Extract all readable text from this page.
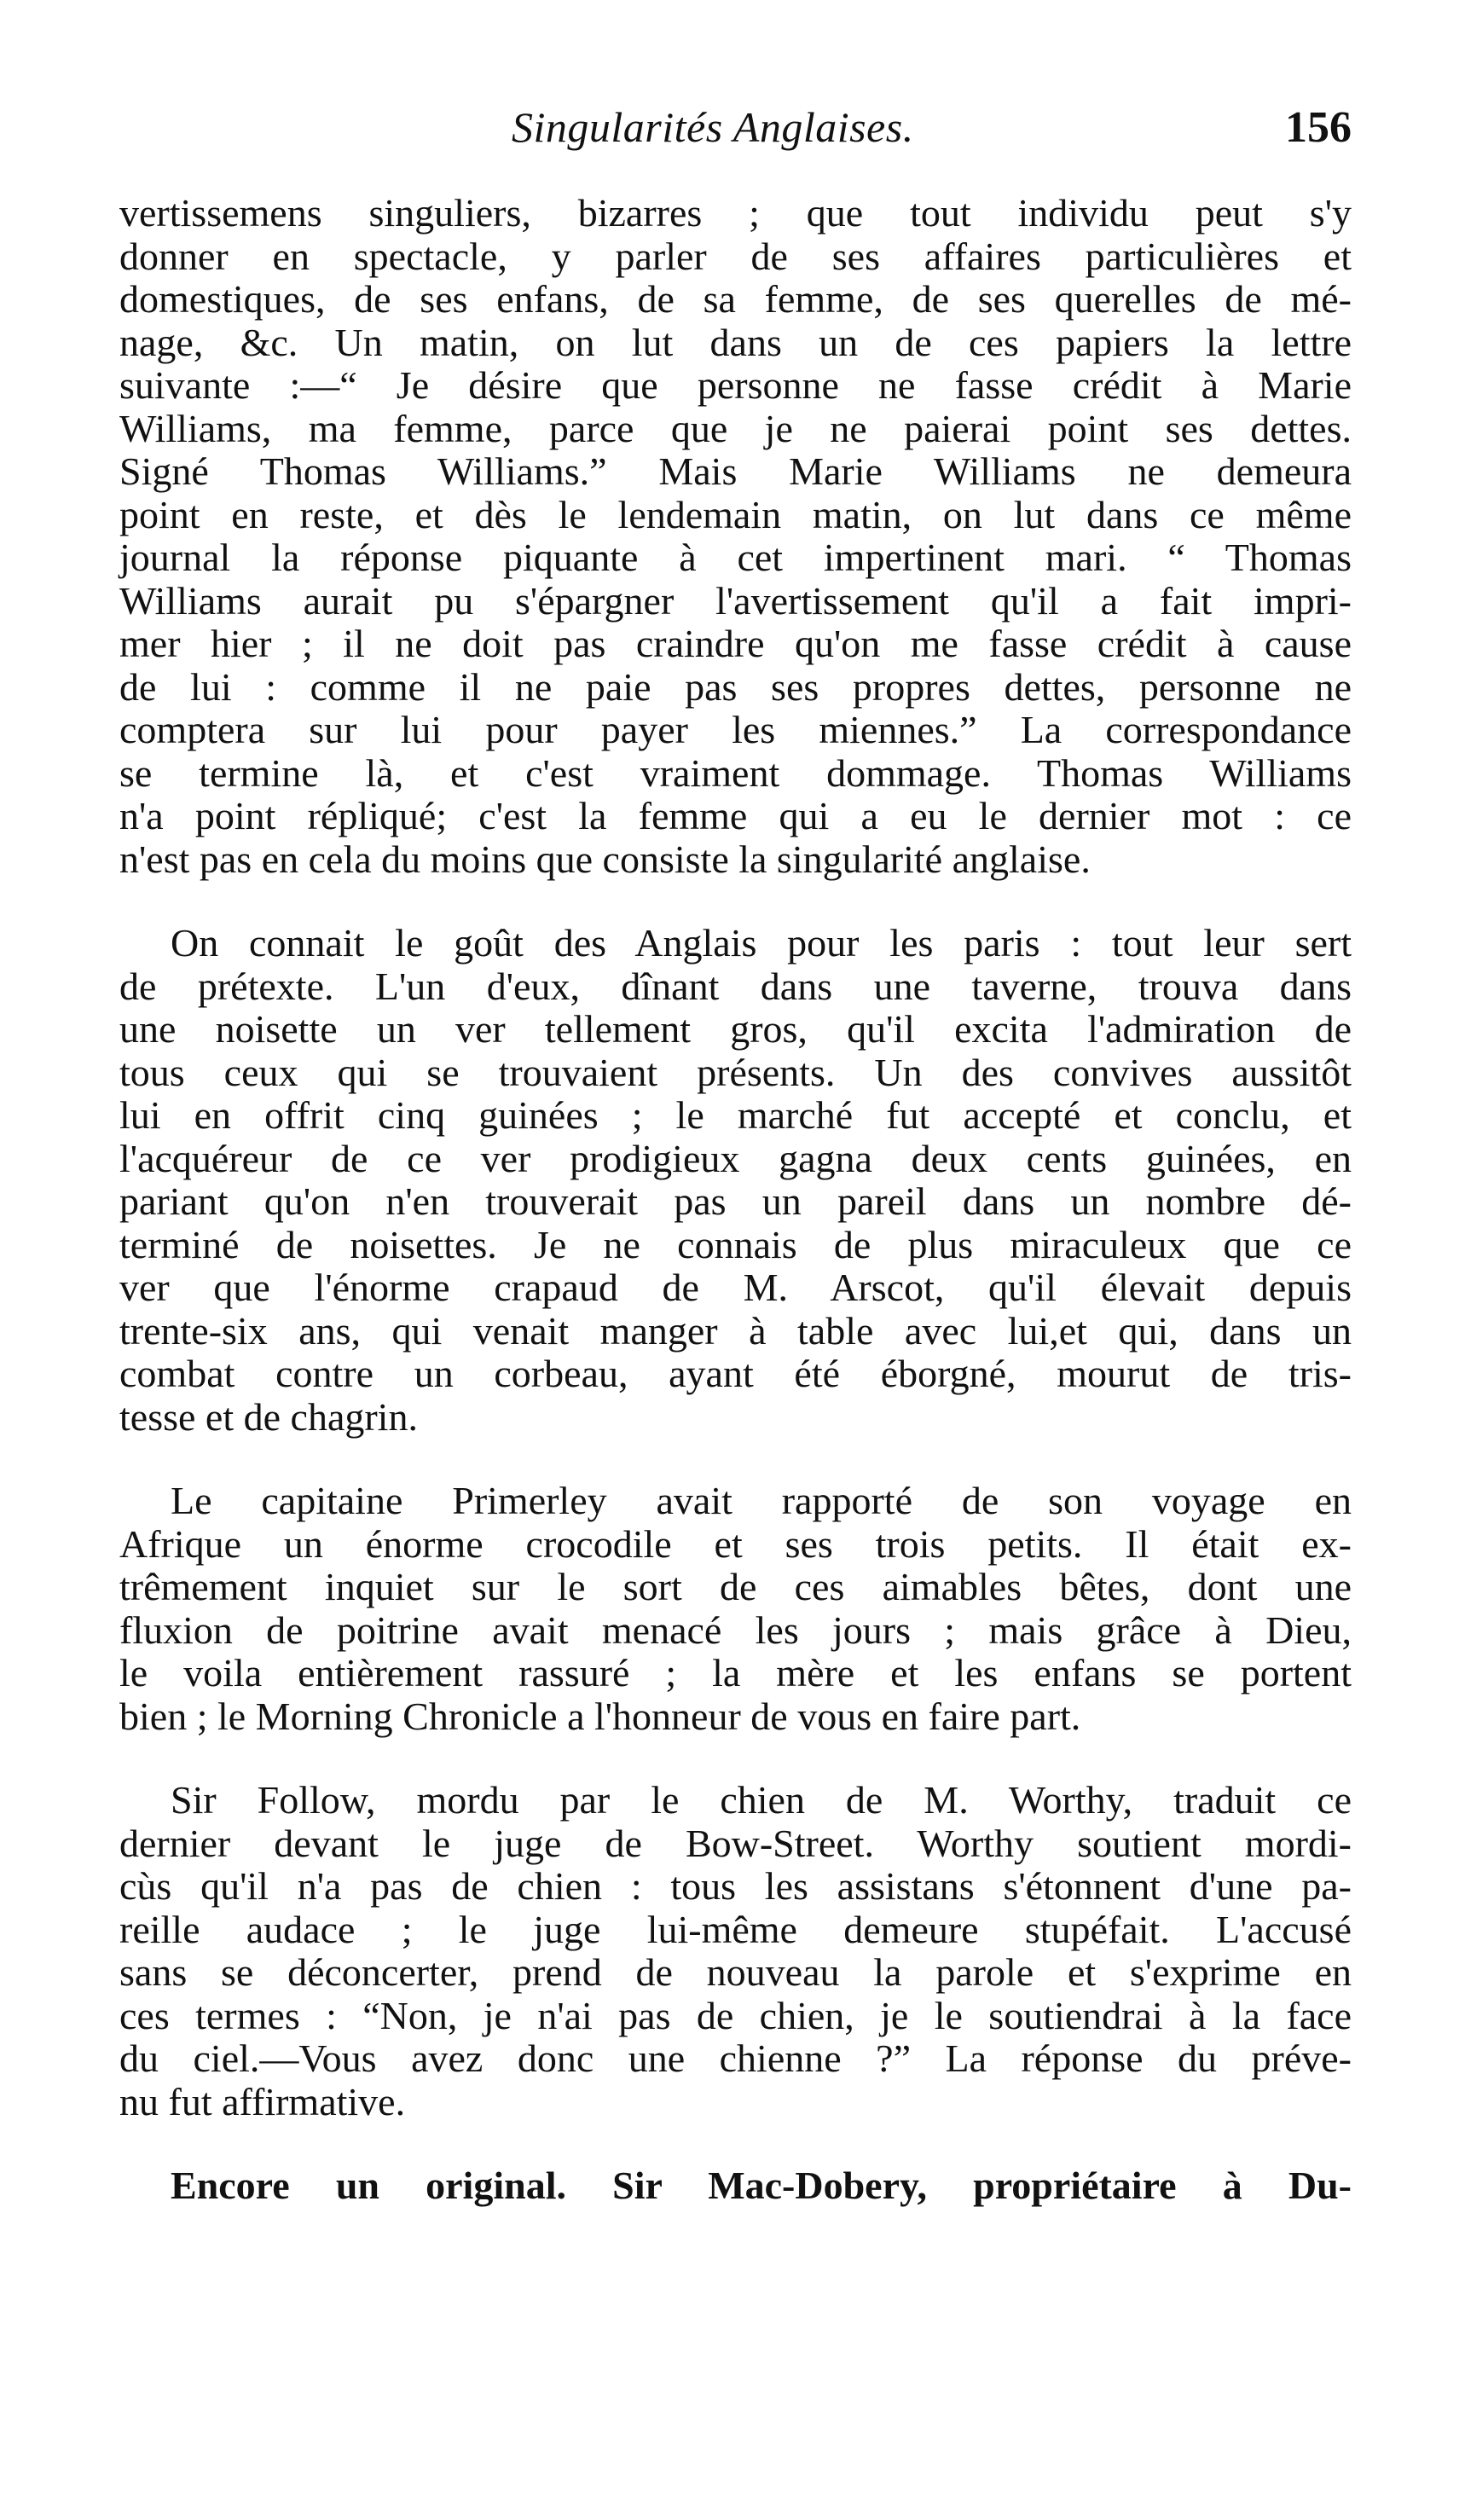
Singularités Anglaises.	156
vertissemens singuliers, bizarres ; que tout individu peut s'y
donner en spectacle, y parler de ses affaires particulières et
domestiques, de ses enfans, de sa femme, de ses querelles de mé-
nage, &c. Un matin, on lut dans un de ces papiers la lettre
suivante :—“ Je désire que personne ne fasse crédit à Marie
Williams, ma femme, parce que je ne paierai point ses dettes.
Signé Thomas Williams.” Mais Marie Williams ne demeura
point en reste, et dès le lendemain matin, on lut dans ce même
journal la réponse piquante à cet impertinent mari. “ Thomas
Williams aurait pu s'épargner l'avertissement qu'il a fait impri-
mer hier ; il ne doit pas craindre qu'on me fasse crédit à cause
de lui : comme il ne paie pas ses propres dettes, personne ne
comptera sur lui pour payer les miennes.” La correspondance
se termine là, et c'est vraiment dommage. Thomas Williams
n'a point répliqué; c'est la femme qui a eu le dernier mot : ce
n'est pas en cela du moins que consiste la singularité anglaise.
On connait le goût des Anglais pour les paris : tout leur sert
de prétexte. L'un d'eux, dînant dans une taverne, trouva dans
une noisette un ver tellement gros, qu'il excita l'admiration de
tous ceux qui se trouvaient présents. Un des convives aussitôt
lui en offrit cinq guinées ; le marché fut accepté et conclu, et
l'acquéreur de ce ver prodigieux gagna deux cents guinées, en
pariant qu'on n'en trouverait pas un pareil dans un nombre dé-
terminé de noisettes. Je ne connais de plus miraculeux que ce
ver que l'énorme crapaud de M. Arscot, qu'il élevait depuis
trente-six ans, qui venait manger à table avec lui,et qui, dans un
combat contre un corbeau, ayant été éborgné, mourut de tris-
tesse et de chagrin.
Le capitaine Primerley avait rapporté de son voyage en
Afrique un énorme crocodile et ses trois petits. Il était ex-
trêmement inquiet sur le sort de ces aimables bêtes, dont une
fluxion de poitrine avait menacé les jours ; mais grâce à Dieu,
le voila entièrement rassuré ; la mère et les enfans se portent
bien ; le Morning Chronicle a l'honneur de vous en faire part.
Sir Follow, mordu par le chien de M. Worthy, traduit ce
dernier devant le juge de Bow-Street. Worthy soutient mordi-
cùs qu'il n'a pas de chien : tous les assistans s'étonnent d'une pa-
reille audace ; le juge lui-même demeure stupéfait. L'accusé
sans se déconcerter, prend de nouveau la parole et s'exprime en
ces termes : “Non, je n'ai pas de chien, je le soutiendrai à la face
du ciel.—Vous avez donc une chienne ?” La réponse du préve-
nu fut affirmative.
Encore un original. Sir Mac-Dobery, propriétaire à Du-
